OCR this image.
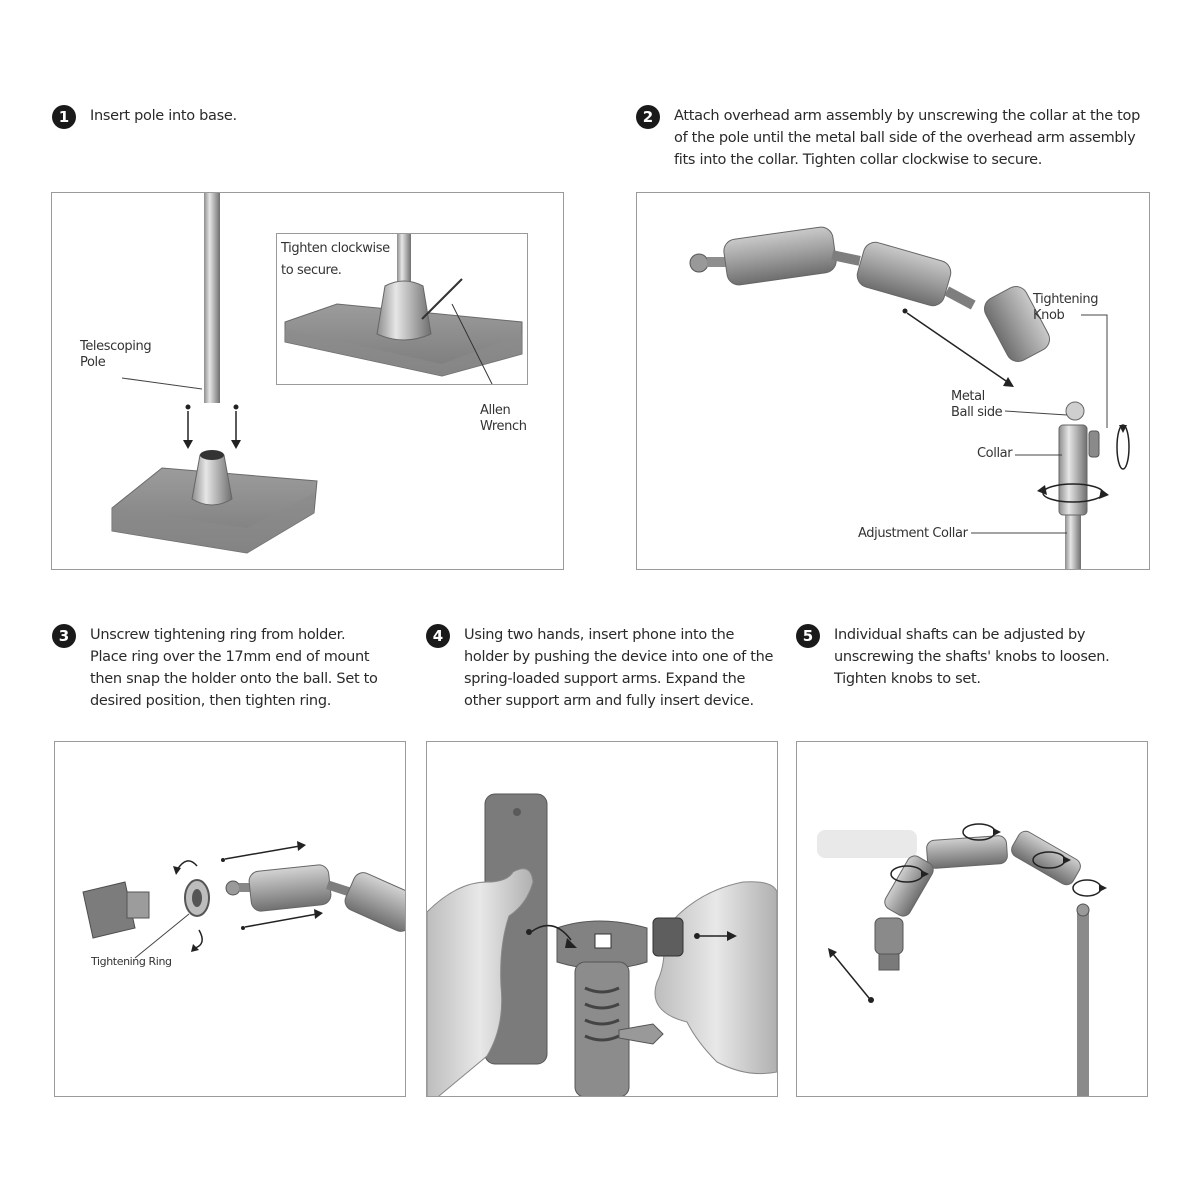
1	Insert pole into base.
Telescoping
Pole
Tighten clockwise
to secure.
Allen
Wrench
2	Attach overhead arm assembly by unscrewing the collar at the top of the pole until the metal ball side of the overhead arm assembly fits into the collar. Tighten collar clockwise to secure.
Tightening
Knob
Metal
Ball side
Collar
Adjustment Collar
3	Unscrew tightening ring from holder. Place ring over the 17mm end of mount then snap the holder onto the ball. Set to desired position, then tighten ring.
Tightening Ring
4	Using two hands, insert phone into the holder by pushing the device into one of the spring-loaded support arms. Expand the other support arm and fully insert device.
5	Individual shafts can be adjusted by unscrewing the shafts' knobs to loosen. Tighten knobs to set.
